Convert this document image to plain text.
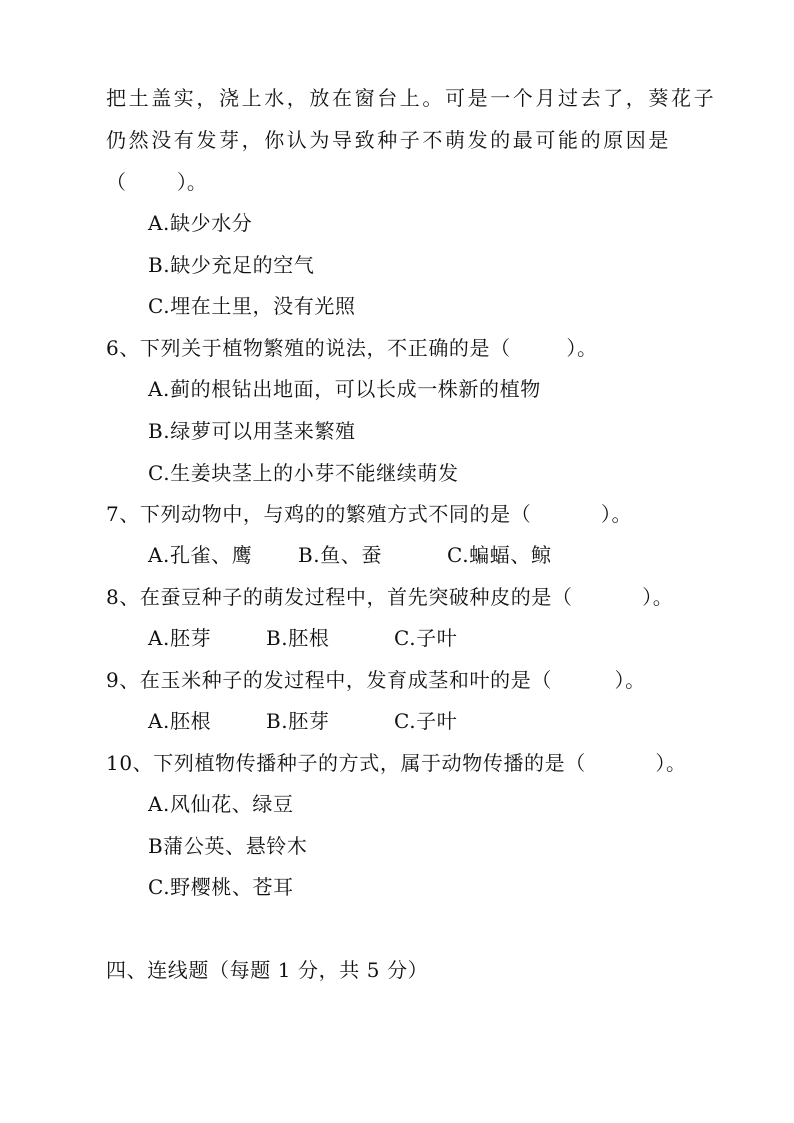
把土盖实，浇上水，放在窗台上。可是一个月过去了，葵花子
仍然没有发芽，你认为导致种子不萌发的最可能的原因是
（        ）。
A.缺少水分
B.缺少充足的空气
C.埋在土里，没有光照
6、下列关于植物繁殖的说法，不正确的是（        ）。
A.蓟的根钻出地面，可以长成一株新的植物
B.绿萝可以用茎来繁殖
C.生姜块茎上的小芽不能继续萌发
7、下列动物中，与鸡的的繁殖方式不同的是（          ）。
A.孔雀、鹰 B.鱼、蚕	C.蝙蝠、鲸
8、在蚕豆种子的萌发过程中，首先突破种皮的是（          ）。
A.胚芽	B.胚根	C.子叶
9、在玉米种子的发过程中，发育成茎和叶的是（         ）。
A.胚根	B.胚芽	C.子叶
10、下列植物传播种子的方式，属于动物传播的是（          ）。
A.风仙花、绿豆
B蒲公英、悬铃木
C.野樱桃、苍耳
四、连线题（每题 1 分，共 5 分）
